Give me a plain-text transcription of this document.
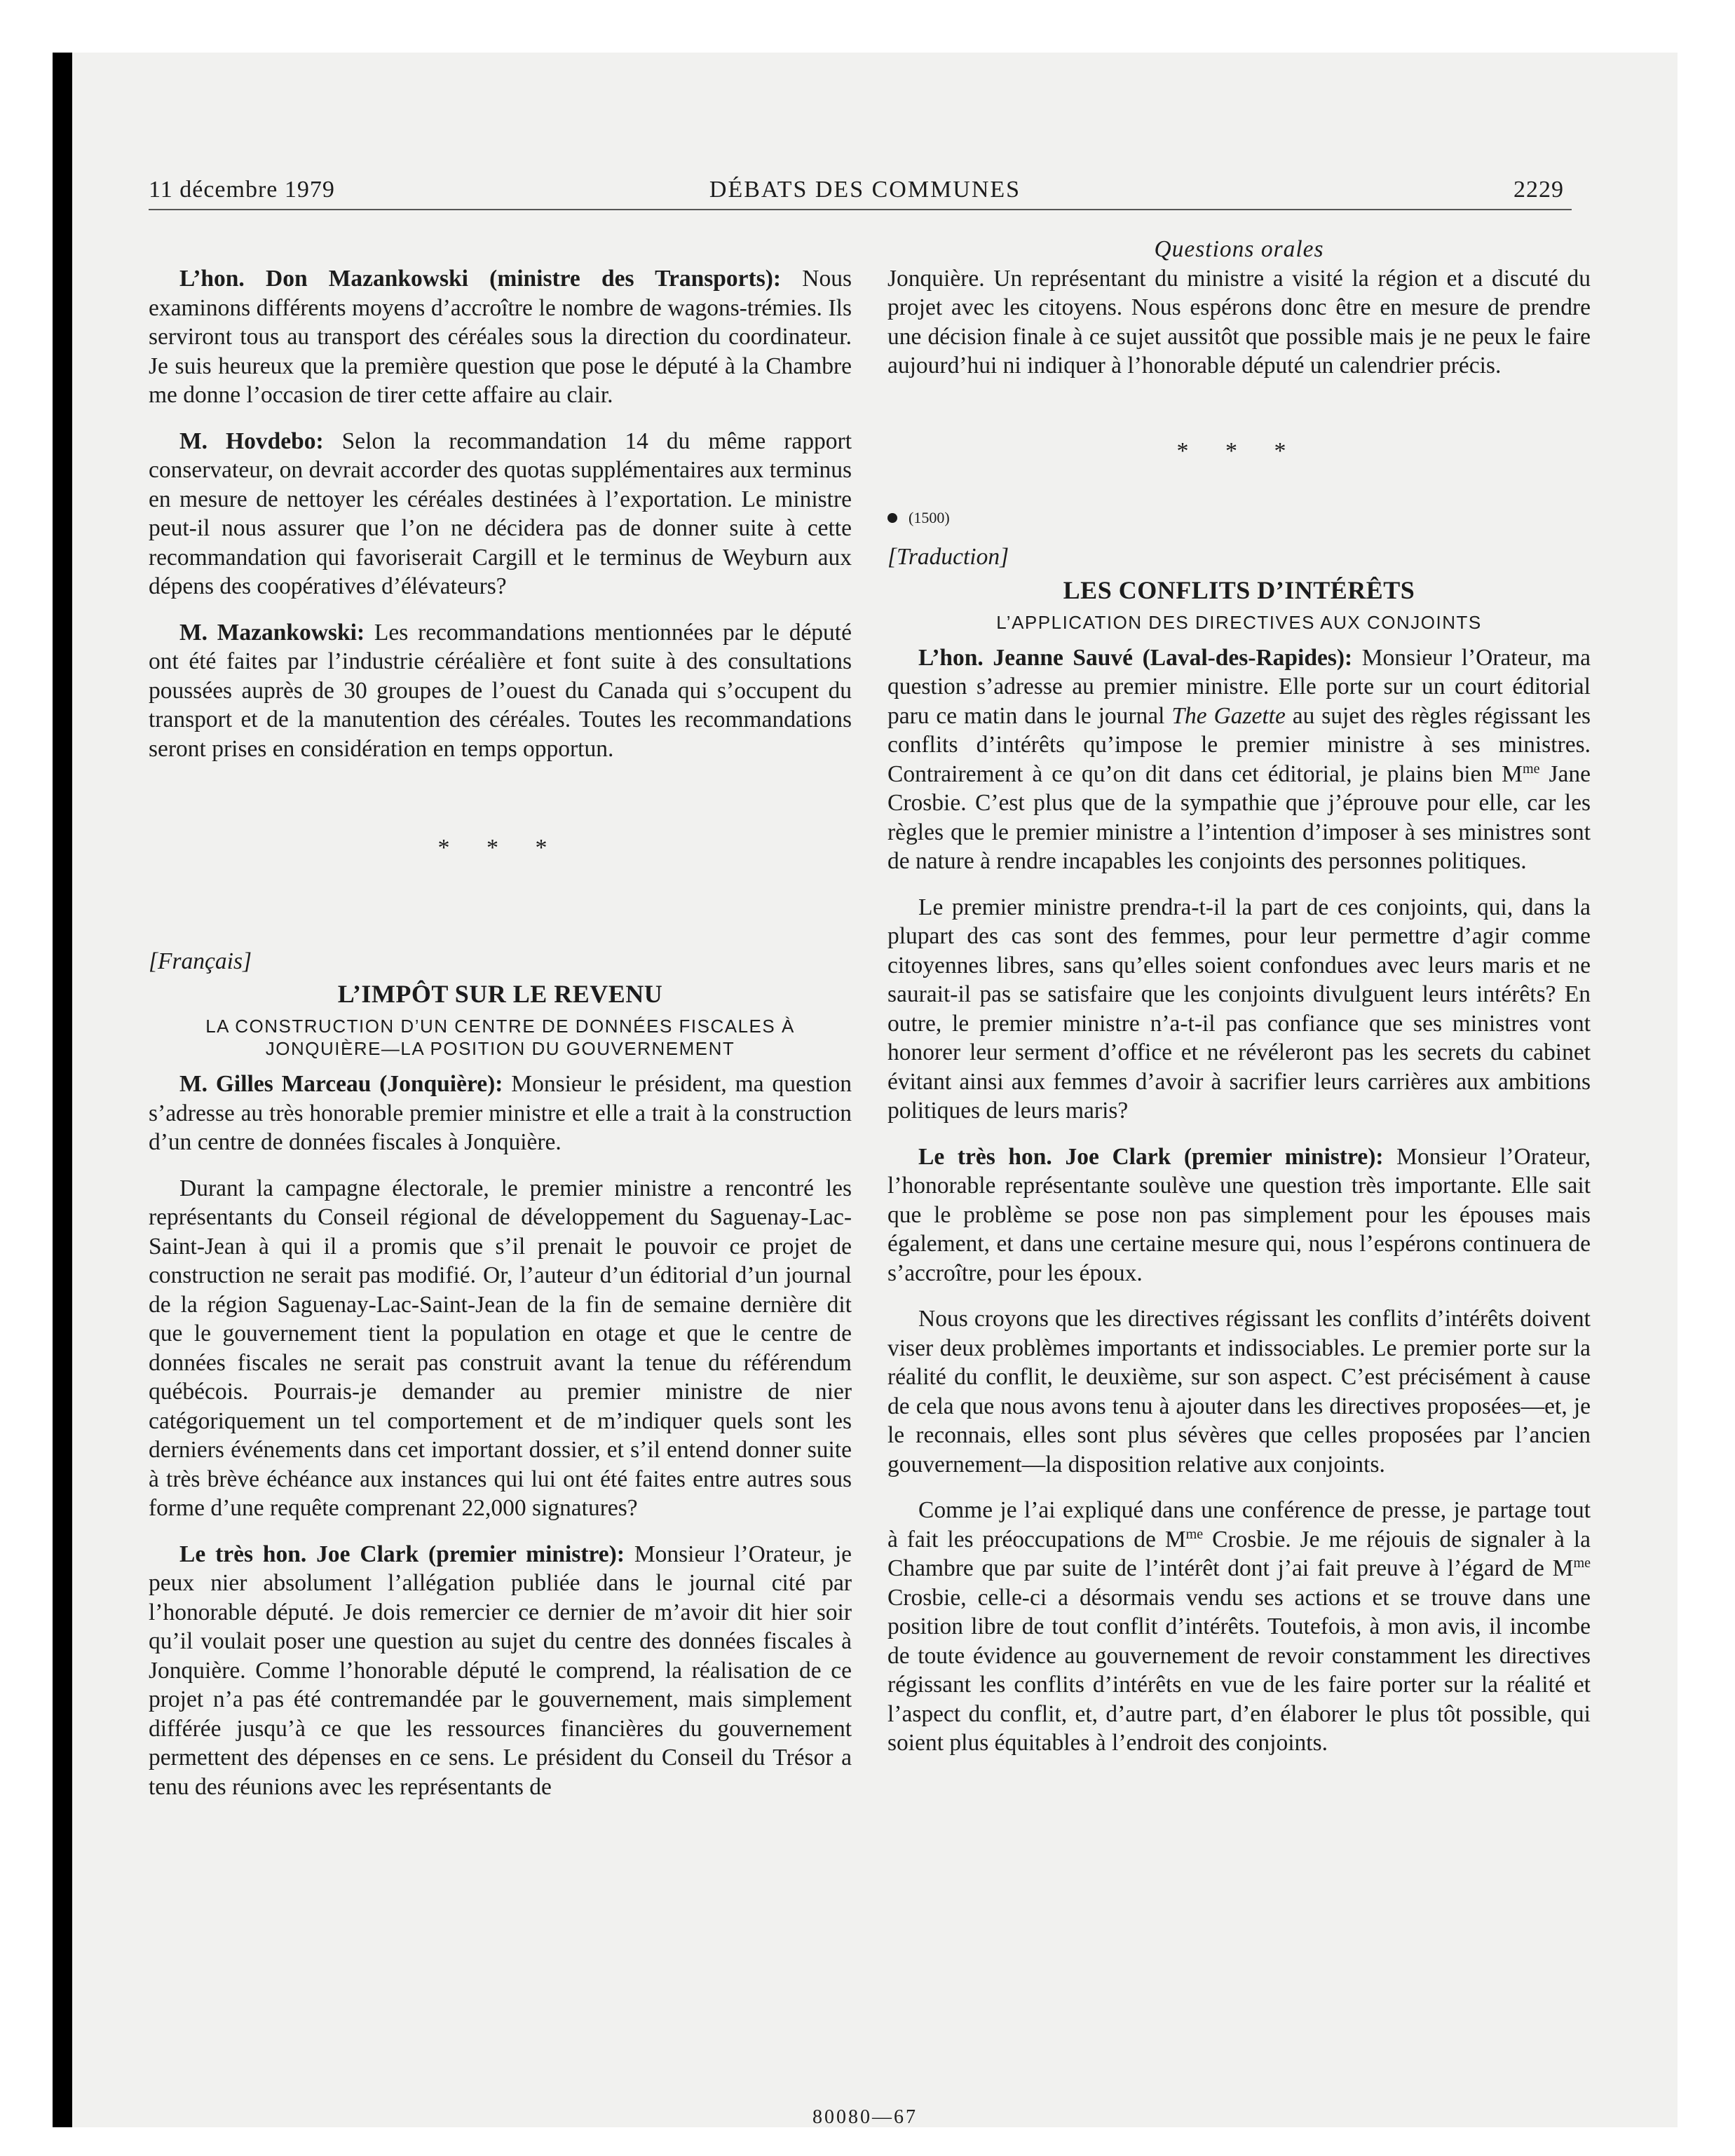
11 décembre 1979	DÉBATS DES COMMUNES	2229

L’hon. Don Mazankowski (ministre des Transports): Nous examinons différents moyens d’accroître le nombre de wagons-trémies. Ils serviront tous au transport des céréales sous la direction du coordinateur. Je suis heureux que la première question que pose le député à la Chambre me donne l’occasion de tirer cette affaire au clair.

M. Hovdebo: Selon la recommandation 14 du même rapport conservateur, on devrait accorder des quotas supplémentaires aux terminus en mesure de nettoyer les céréales destinées à l’exportation. Le ministre peut-il nous assurer que l’on ne décidera pas de donner suite à cette recommandation qui favoriserait Cargill et le terminus de Weyburn aux dépens des coopératives d’élévateurs?

M. Mazankowski: Les recommandations mentionnées par le député ont été faites par l’industrie céréalière et font suite à des consultations poussées auprès de 30 groupes de l’ouest du Canada qui s’occupent du transport et de la manutention des céréales. Toutes les recommandations seront prises en considération en temps opportun.

* * *
[Français]
L’IMPÔT SUR LE REVENU
LA CONSTRUCTION D’UN CENTRE DE DONNÉES FISCALES À JONQUIÈRE—LA POSITION DU GOUVERNEMENT

M. Gilles Marceau (Jonquière): Monsieur le président, ma question s’adresse au très honorable premier ministre et elle a trait à la construction d’un centre de données fiscales à Jonquière.

Durant la campagne électorale, le premier ministre a rencontré les représentants du Conseil régional de développement du Saguenay-Lac-Saint-Jean à qui il a promis que s’il prenait le pouvoir ce projet de construction ne serait pas modifié. Or, l’auteur d’un éditorial d’un journal de la région Saguenay-Lac-Saint-Jean de la fin de semaine dernière dit que le gouvernement tient la population en otage et que le centre de données fiscales ne serait pas construit avant la tenue du référendum québécois. Pourrais-je demander au premier ministre de nier catégoriquement un tel comportement et de m’indiquer quels sont les derniers événements dans cet important dossier, et s’il entend donner suite à très brève échéance aux instances qui lui ont été faites entre autres sous forme d’une requête comprenant 22,000 signatures?

Le très hon. Joe Clark (premier ministre): Monsieur l’Orateur, je peux nier absolument l’allégation publiée dans le journal cité par l’honorable député. Je dois remercier ce dernier de m’avoir dit hier soir qu’il voulait poser une question au sujet du centre des données fiscales à Jonquière. Comme l’honorable député le comprend, la réalisation de ce projet n’a pas été contremandée par le gouvernement, mais simplement différée jusqu’à ce que les ressources financières du gouvernement permettent des dépenses en ce sens. Le président du Conseil du Trésor a tenu des réunions avec les représentants de

Questions orales

Jonquière. Un représentant du ministre a visité la région et a discuté du projet avec les citoyens. Nous espérons donc être en mesure de prendre une décision finale à ce sujet aussitôt que possible mais je ne peux le faire aujourd’hui ni indiquer à l’honorable député un calendrier précis.

* * *
(1500)
[Traduction]
LES CONFLITS D’INTÉRÊTS
L’APPLICATION DES DIRECTIVES AUX CONJOINTS

L’hon. Jeanne Sauvé (Laval-des-Rapides): Monsieur l’Orateur, ma question s’adresse au premier ministre. Elle porte sur un court éditorial paru ce matin dans le journal The Gazette au sujet des règles régissant les conflits d’intérêts qu’impose le premier ministre à ses ministres. Contrairement à ce qu’on dit dans cet éditorial, je plains bien $M^{me}$ Jane Crosbie. C’est plus que de la sympathie que j’éprouve pour elle, car les règles que le premier ministre a l’intention d’imposer à ses ministres sont de nature à rendre incapables les conjoints des personnes politiques.

Le premier ministre prendra-t-il la part de ces conjoints, qui, dans la plupart des cas sont des femmes, pour leur permettre d’agir comme citoyennes libres, sans qu’elles soient confondues avec leurs maris et ne saurait-il pas se satisfaire que les conjoints divulguent leurs intérêts? En outre, le premier ministre n’a-t-il pas confiance que ses ministres vont honorer leur serment d’office et ne révéleront pas les secrets du cabinet évitant ainsi aux femmes d’avoir à sacrifier leurs carrières aux ambitions politiques de leurs maris?

Le très hon. Joe Clark (premier ministre): Monsieur l’Orateur, l’honorable représentante soulève une question très importante. Elle sait que le problème se pose non pas simplement pour les épouses mais également, et dans une certaine mesure qui, nous l’espérons continuera de s’accroître, pour les époux.

Nous croyons que les directives régissant les conflits d’intérêts doivent viser deux problèmes importants et indissociables. Le premier porte sur la réalité du conflit, le deuxième, sur son aspect. C’est précisément à cause de cela que nous avons tenu à ajouter dans les directives proposées—et, je le reconnais, elles sont plus sévères que celles proposées par l’ancien gouvernement—la disposition relative aux conjoints.

Comme je l’ai expliqué dans une conférence de presse, je partage tout à fait les préoccupations de $M^{me}$ Crosbie. Je me réjouis de signaler à la Chambre que par suite de l’intérêt dont j’ai fait preuve à l’égard de $M^{me}$ Crosbie, celle-ci a désormais vendu ses actions et se trouve dans une position libre de tout conflit d’intérêts. Toutefois, à mon avis, il incombe de toute évidence au gouvernement de revoir constamment les directives régissant les conflits d’intérêts en vue de les faire porter sur la réalité et l’aspect du conflit, et, d’autre part, d’en élaborer le plus tôt possible, qui soient plus équitables à l’endroit des conjoints.

80080—67
